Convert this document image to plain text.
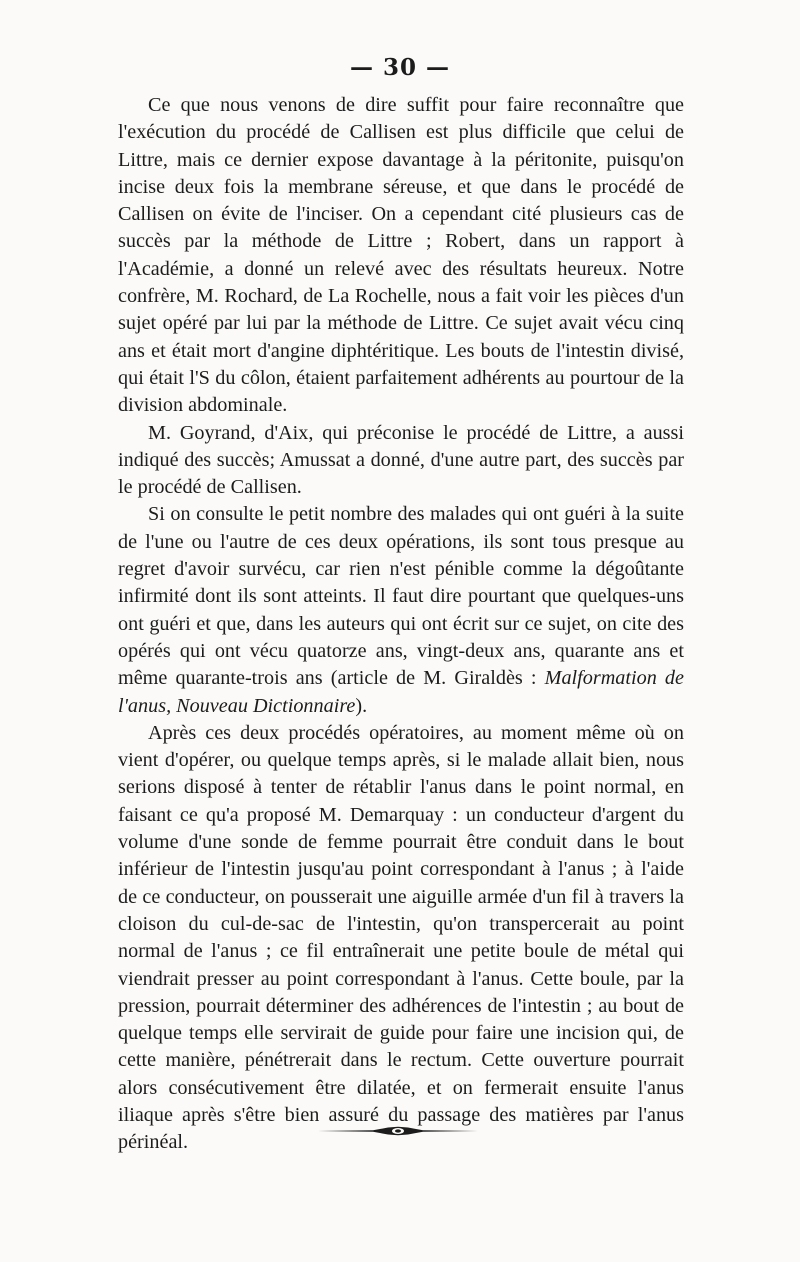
— 30 —

Ce que nous venons de dire suffit pour faire reconnaître que l'exécution du procédé de Callisen est plus difficile que celui de Littre, mais ce dernier expose davantage à la péritonite, puisqu'on incise deux fois la membrane séreuse, et que dans le procédé de Callisen on évite de l'inciser. On a cependant cité plusieurs cas de succès par la méthode de Littre ; Robert, dans un rapport à l'Académie, a donné un relevé avec des résultats heureux. Notre confrère, M. Rochard, de La Rochelle, nous a fait voir les pièces d'un sujet opéré par lui par la méthode de Littre. Ce sujet avait vécu cinq ans et était mort d'angine diphtéritique. Les bouts de l'intestin divisé, qui était l'S du côlon, étaient parfaitement adhérents au pourtour de la division abdominale.

M. Goyrand, d'Aix, qui préconise le procédé de Littre, a aussi indiqué des succès; Amussat a donné, d'une autre part, des succès par le procédé de Callisen.

Si on consulte le petit nombre des malades qui ont guéri à la suite de l'une ou l'autre de ces deux opérations, ils sont tous presque au regret d'avoir survécu, car rien n'est pénible comme la dégoûtante infirmité dont ils sont atteints. Il faut dire pourtant que quelques-uns ont guéri et que, dans les auteurs qui ont écrit sur ce sujet, on cite des opérés qui ont vécu quatorze ans, vingt-deux ans, quarante ans et même quarante-trois ans (article de M. Giraldès : Malformation de l'anus, Nouveau Dictionnaire).

Après ces deux procédés opératoires, au moment même où on vient d'opérer, ou quelque temps après, si le malade allait bien, nous serions disposé à tenter de rétablir l'anus dans le point normal, en faisant ce qu'a proposé M. Demarquay : un conducteur d'argent du volume d'une sonde de femme pourrait être conduit dans le bout inférieur de l'intestin jusqu'au point correspondant à l'anus ; à l'aide de ce conducteur, on pousserait une aiguille armée d'un fil à travers la cloison du cul-de-sac de l'intestin, qu'on transpercerait au point normal de l'anus ; ce fil entraînerait une petite boule de métal qui viendrait presser au point correspondant à l'anus. Cette boule, par la pression, pourrait déterminer des adhérences de l'intestin ; au bout de quelque temps elle servirait de guide pour faire une incision qui, de cette manière, pénétrerait dans le rectum. Cette ouverture pourrait alors consécutivement être dilatée, et on fermerait ensuite l'anus iliaque après s'être bien assuré du passage des matières par l'anus périnéal.
